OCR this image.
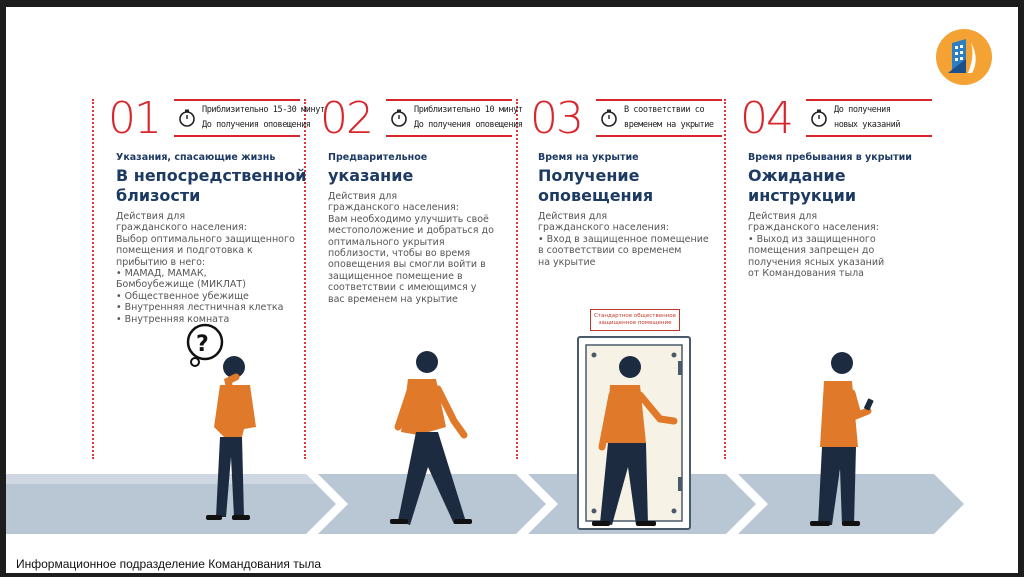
01	Приблизительно 15-30 минут
До получения оповещения
Указания, спасающие жизнь
В непосредственной
близости
Действия для
гражданского населения:
Выбор оптимального защищенного
помещения и подготовка к
прибытию в него:
• МАМАД, МАМАК,
Бомбоубежище (МИКЛАТ)
• Общественное убежище
• Внутренняя лестничная клетка
• Внутренняя комната
02	Приблизительно 10 минут
До получения оповещения
Предварительное
указание
Действия для
гражданского населения:
Вам необходимо улучшить своё
местоположение и добраться до
оптимального укрытия
поблизости, чтобы во время
оповещения вы смогли войти в
защищенное помещение в
соответствии с имеющимся у
вас временем на укрытие
03	В соответствии со
временем на укрытие
Время на укрытие
Получение
оповещения
Действия для
гражданского населения:
• Вход в защищенное помещение
в соответствии со временем
на укрытие
04	До получения
новых указаний
Время пребывания в укрытии
Ожидание
инструкции
Действия для
гражданского населения:
• Выход из защищенного
помещения запрещен до
получения ясных указаний
от Командования тыла
?
Стандартное общественное
защищенное помещение
Информационное подразделение Командования тыла
